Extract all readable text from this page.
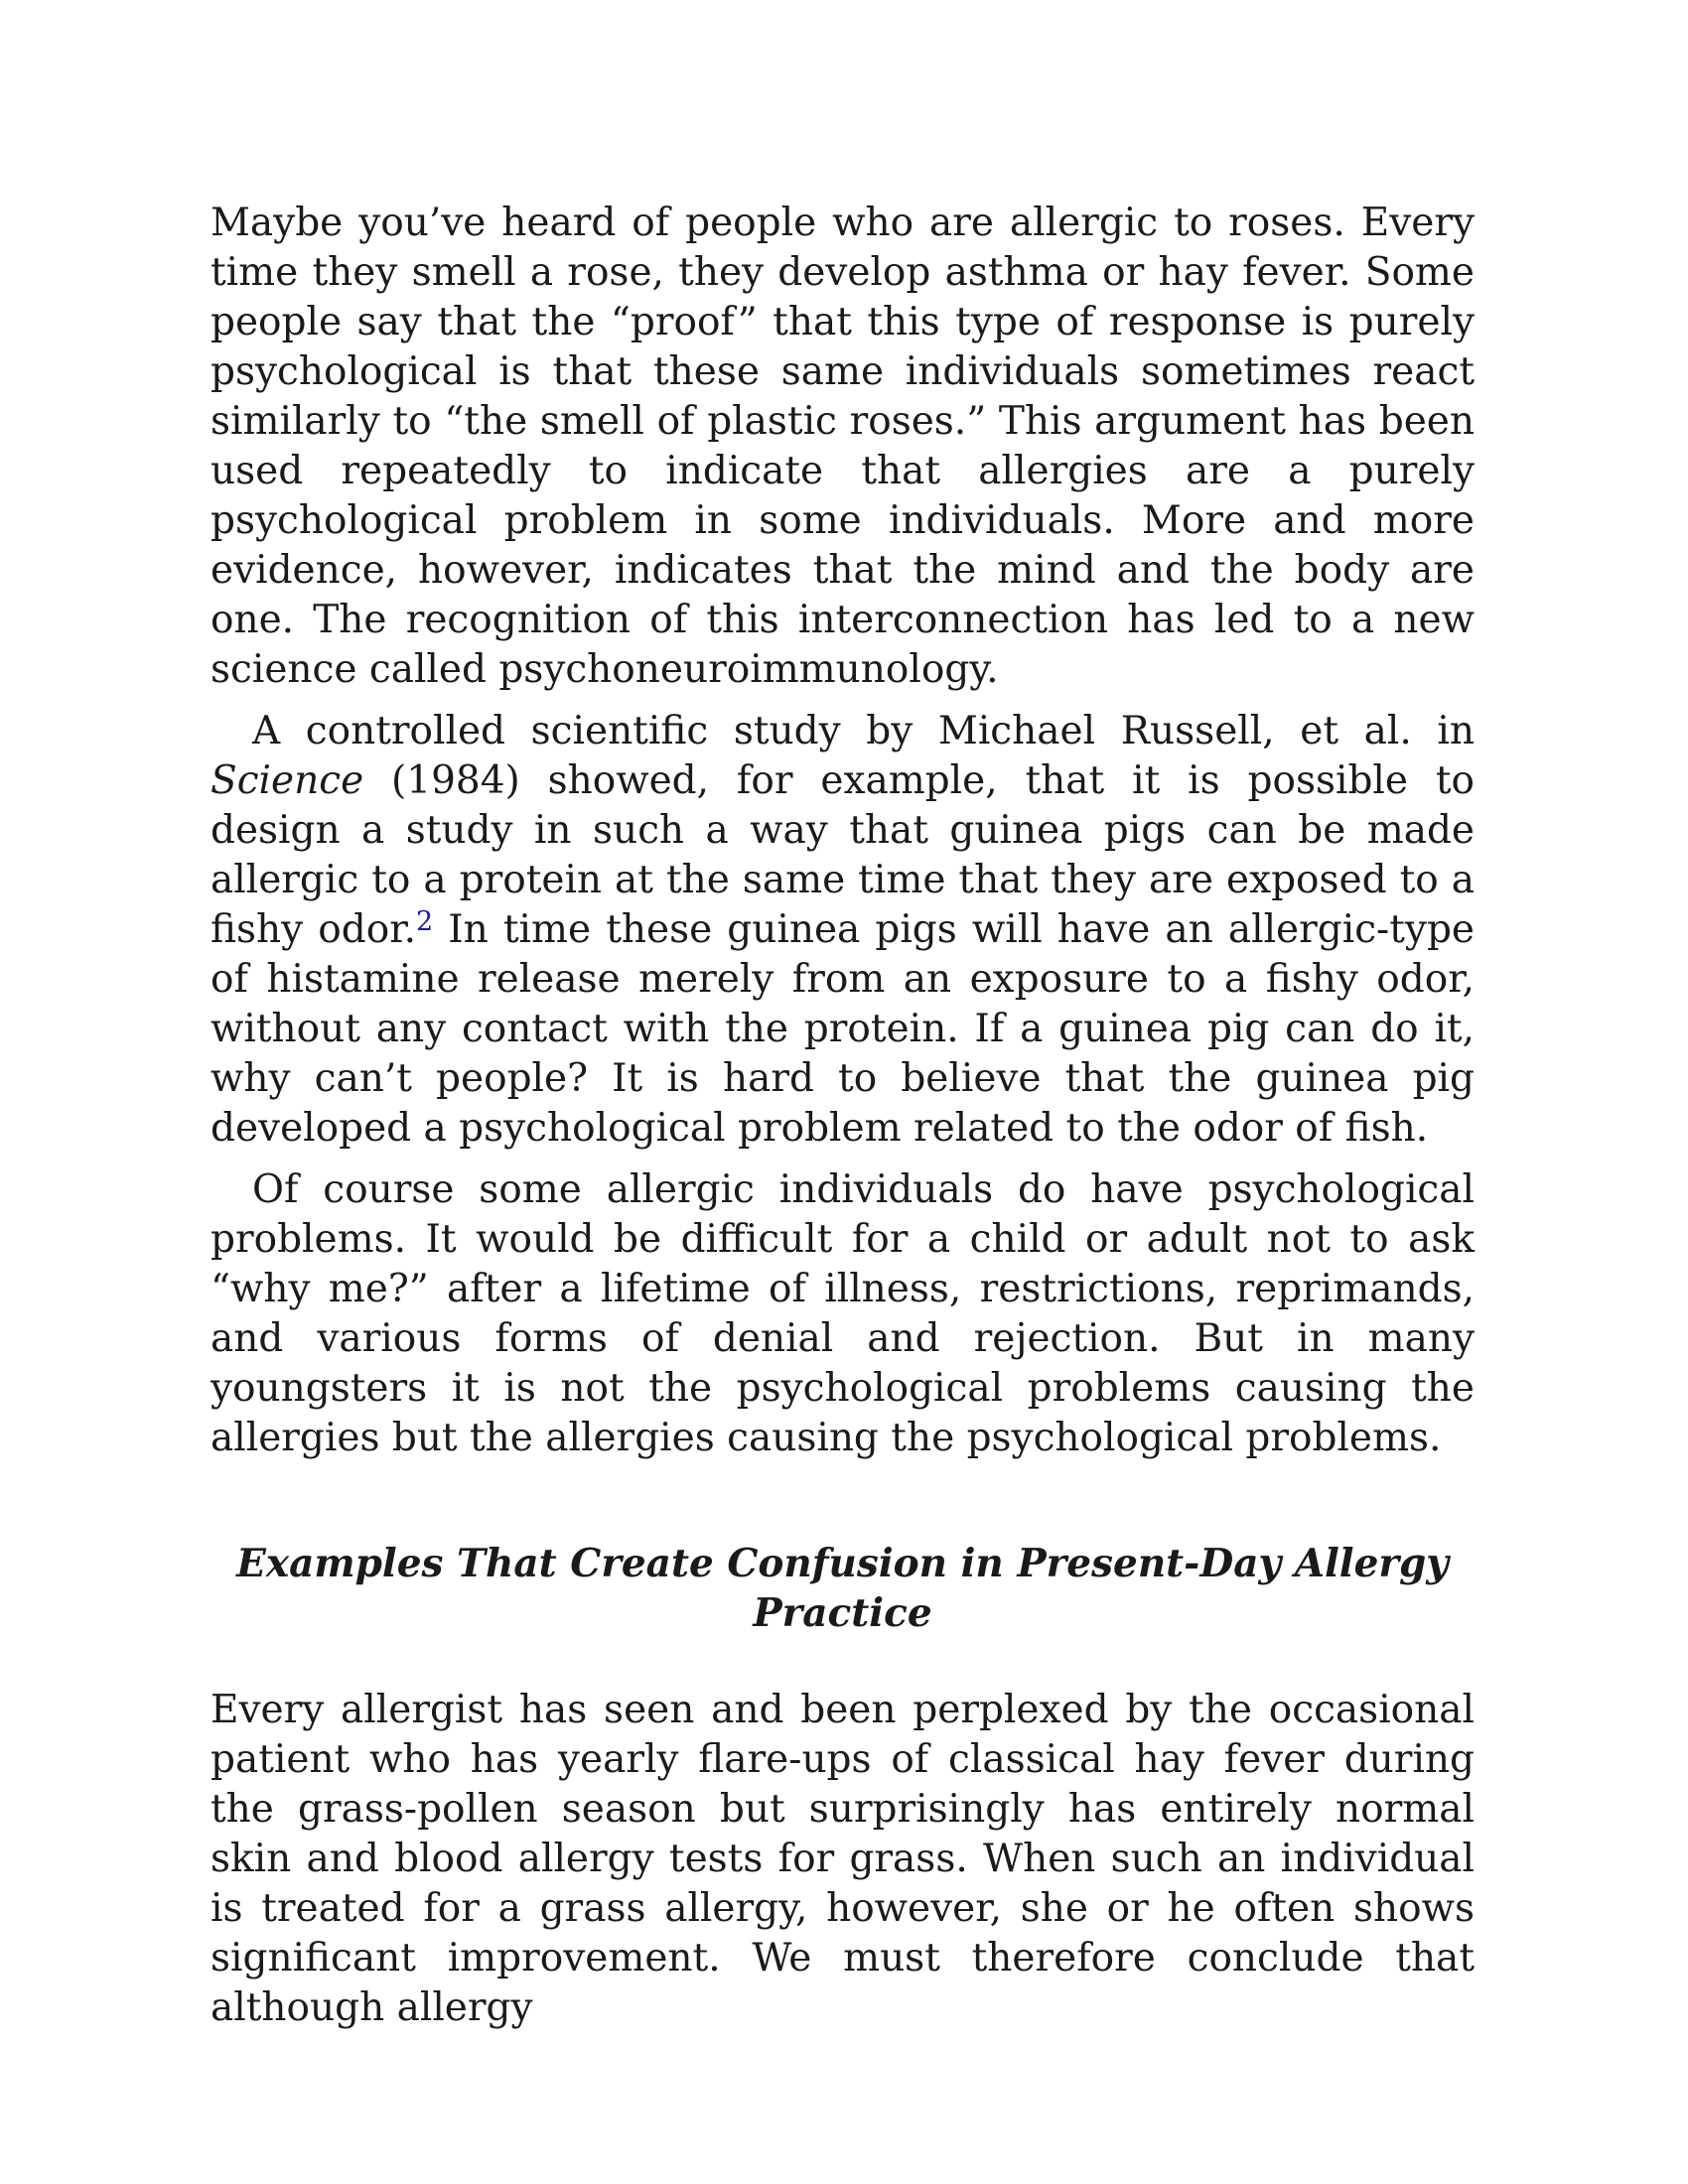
Maybe you’ve heard of people who are allergic to roses. Every time they smell a rose, they develop asthma or hay fever. Some people say that the “proof” that this type of response is purely psychological is that these same individuals sometimes react similarly to “the smell of plastic roses.” This argument has been used repeatedly to indicate that allergies are a purely psychological problem in some individuals. More and more evidence, however, indicates that the mind and the body are one. The recognition of this interconnection has led to a new science called psychoneuroimmunology.

A controlled scientific study by Michael Russell, et al. in Science (1984) showed, for example, that it is possible to design a study in such a way that guinea pigs can be made allergic to a protein at the same time that they are exposed to a fishy odor.$^2$ In time these guinea pigs will have an allergic-type of histamine release merely from an exposure to a fishy odor, without any contact with the protein. If a guinea pig can do it, why can’t people? It is hard to believe that the guinea pig developed a psychological problem related to the odor of fish.

Of course some allergic individuals do have psychological problems. It would be difficult for a child or adult not to ask “why me?” after a lifetime of illness, restrictions, reprimands, and various forms of denial and rejection. But in many youngsters it is not the psychological problems causing the allergies but the allergies causing the psychological problems.

Examples That Create Confusion in Present-Day Allergy Practice

Every allergist has seen and been perplexed by the occasional patient who has yearly flare-ups of classical hay fever during the grass-pollen season but surprisingly has entirely normal skin and blood allergy tests for grass. When such an individual is treated for a grass allergy, however, she or he often shows significant improvement. We must therefore conclude that although allergy
